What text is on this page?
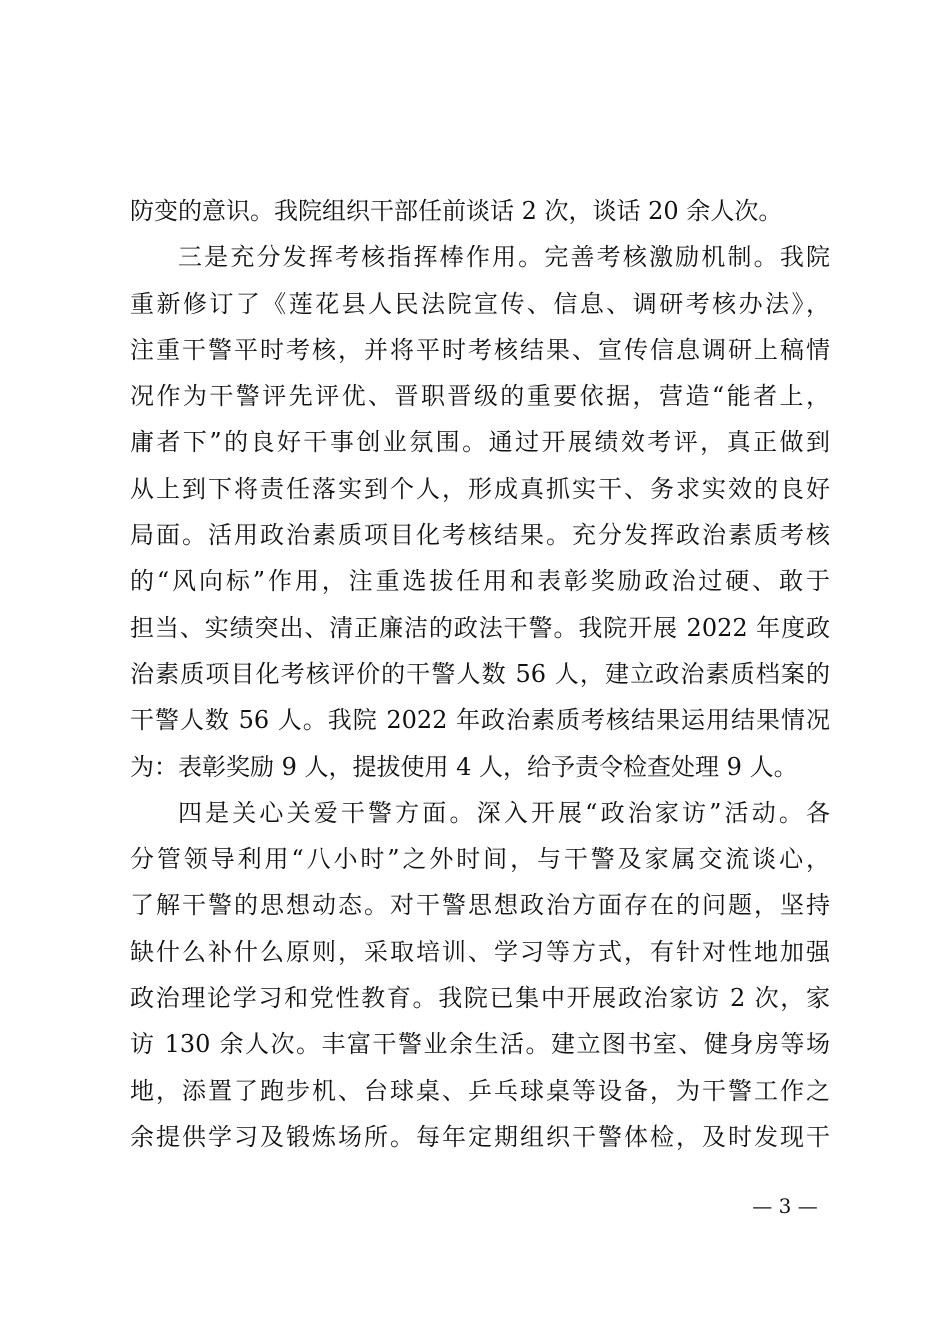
防变的意识。我院组织干部任前谈话 2 次，谈话 20 余人次。
三是充分发挥考核指挥棒作用。完善考核激励机制。我院
重新修订了《莲花县人民法院宣传、信息、调研考核办法》，
注重干警平时考核，并将平时考核结果、宣传信息调研上稿情
况作为干警评先评优、晋职晋级的重要依据，营造“能者上，
庸者下”的良好干事创业氛围。通过开展绩效考评，真正做到
从上到下将责任落实到个人，形成真抓实干、务求实效的良好
局面。活用政治素质项目化考核结果。充分发挥政治素质考核
的“风向标”作用，注重选拔任用和表彰奖励政治过硬、敢于
担当、实绩突出、清正廉洁的政法干警。我院开展 2022 年度政
治素质项目化考核评价的干警人数 56 人，建立政治素质档案的
干警人数 56 人。我院 2022 年政治素质考核结果运用结果情况
为：表彰奖励 9 人，提拔使用 4 人，给予责令检查处理 9 人。
四是关心关爱干警方面。深入开展“政治家访”活动。各
分管领导利用“八小时”之外时间，与干警及家属交流谈心，
了解干警的思想动态。对干警思想政治方面存在的问题，坚持
缺什么补什么原则，采取培训、学习等方式，有针对性地加强
政治理论学习和党性教育。我院已集中开展政治家访 2 次，家
访 130 余人次。丰富干警业余生活。建立图书室、健身房等场
地，添置了跑步机、台球桌、乒乓球桌等设备，为干警工作之
余提供学习及锻炼场所。每年定期组织干警体检，及时发现干
— 3 —
